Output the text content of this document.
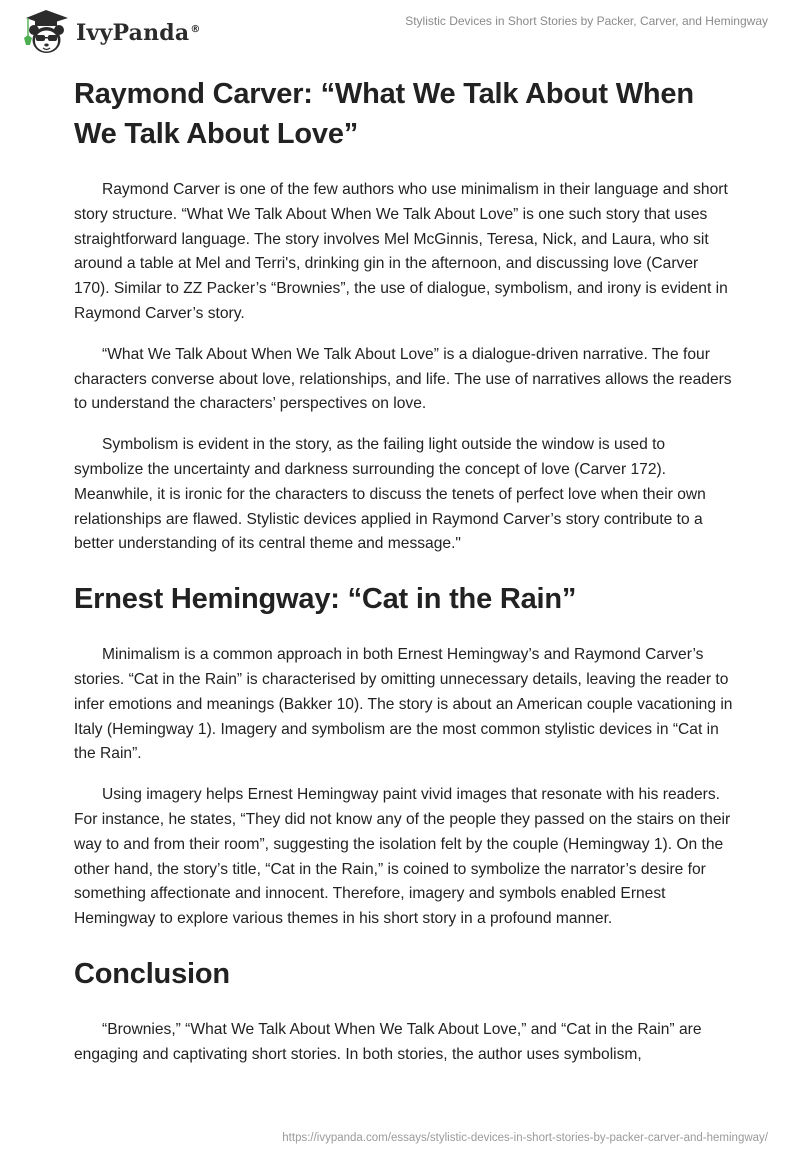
IvyPanda®
Stylistic Devices in Short Stories by Packer, Carver, and Hemingway
Raymond Carver: “What We Talk About When We Talk About Love”

Raymond Carver is one of the few authors who use minimalism in their language and short story structure. “What We Talk About When We Talk About Love” is one such story that uses straightforward language. The story involves Mel McGinnis, Teresa, Nick, and Laura, who sit around a table at Mel and Terri's, drinking gin in the afternoon, and discussing love (Carver 170). Similar to ZZ Packer’s “Brownies”, the use of dialogue, symbolism, and irony is evident in Raymond Carver’s story.

“What We Talk About When We Talk About Love” is a dialogue-driven narrative. The four characters converse about love, relationships, and life. The use of narratives allows the readers to understand the characters’ perspectives on love.

Symbolism is evident in the story, as the failing light outside the window is used to symbolize the uncertainty and darkness surrounding the concept of love (Carver 172). Meanwhile, it is ironic for the characters to discuss the tenets of perfect love when their own relationships are flawed. Stylistic devices applied in Raymond Carver’s story contribute to a better understanding of its central theme and message."

Ernest Hemingway: “Cat in the Rain”

Minimalism is a common approach in both Ernest Hemingway’s and Raymond Carver’s stories. “Cat in the Rain” is characterised by omitting unnecessary details, leaving the reader to infer emotions and meanings (Bakker 10). The story is about an American couple vacationing in Italy (Hemingway 1). Imagery and symbolism are the most common stylistic devices in “Cat in the Rain”.

Using imagery helps Ernest Hemingway paint vivid images that resonate with his readers. For instance, he states, “They did not know any of the people they passed on the stairs on their way to and from their room”, suggesting the isolation felt by the couple (Hemingway 1). On the other hand, the story’s title, “Cat in the Rain,” is coined to symbolize the narrator’s desire for something affectionate and innocent. Therefore, imagery and symbols enabled Ernest Hemingway to explore various themes in his short story in a profound manner.

Conclusion

“Brownies,” “What We Talk About When We Talk About Love,” and “Cat in the Rain” are engaging and captivating short stories. In both stories, the author uses symbolism,

https://ivypanda.com/essays/stylistic-devices-in-short-stories-by-packer-carver-and-hemingway/
